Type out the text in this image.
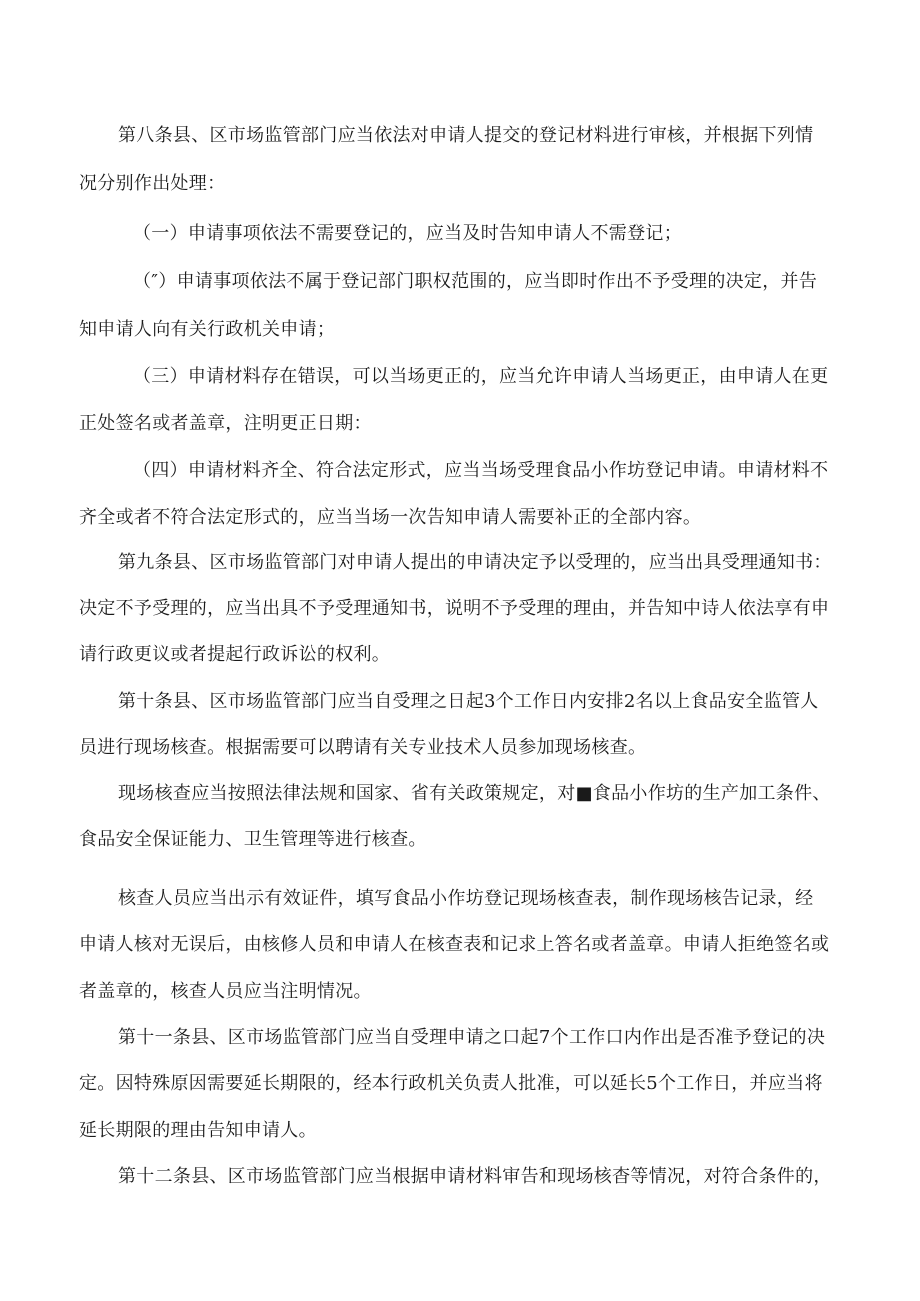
第八条县、区市场监管部门应当依法对申请人提交的登记材料进行审核，并根据下列情

况分别作出处理：

（一）申请事项依法不需要登记的，应当及时告知申请人不需登记；

（″）申请事项依法不属于登记部门职权范围的，应当即时作出不予受理的决定，并告

知申请人向有关行政机关申请；

（三）申请材料存在错误，可以当场更正的，应当允许申请人当场更正，由申请人在更

正处签名或者盖章，注明更正日期：

（四）申请材料齐全、符合法定形式，应当当场受理食品小作坊登记申请。申请材料不

齐全或者不符合法定形式的，应当当场一次告知申请人需要补正的全部内容。

第九条县、区市场监管部门对申请人提出的申请决定予以受理的，应当出具受理通知书：

决定不予受理的，应当出具不予受理通知书，说明不予受理的理由，并告知中诗人依法享有申

请行政更议或者提起行政诉讼的权利。

第十条县、区市场监管部门应当自受理之日起3个工作日内安排2名以上食品安全监管人

员进行现场核查。根据需要可以聘请有关专业技术人员参加现场核查。

现场核查应当按照法律法规和国家、省有关政策规定，对■食品小作坊的生产加工条件、

食品安全保证能力、卫生管理等进行核查。

核查人员应当出示有效证件，填写食品小作坊登记现场核查表，制作现场核告记录，经

申请人核对无误后，由核修人员和申请人在核查表和记求上答名或者盖章。申请人拒绝签名或

者盖章的，核查人员应当注明情况。

第十一条县、区市场监管部门应当自受理申请之口起7个工作口内作出是否准予登记的决

定。因特殊原因需要延长期限的，经本行政机关负责人批准，可以延长5个工作日，并应当将

延长期限的理由告知申请人。

第十二条县、区市场监管部门应当根据申请材料审告和现场核杳等情况，对符合条件的，
